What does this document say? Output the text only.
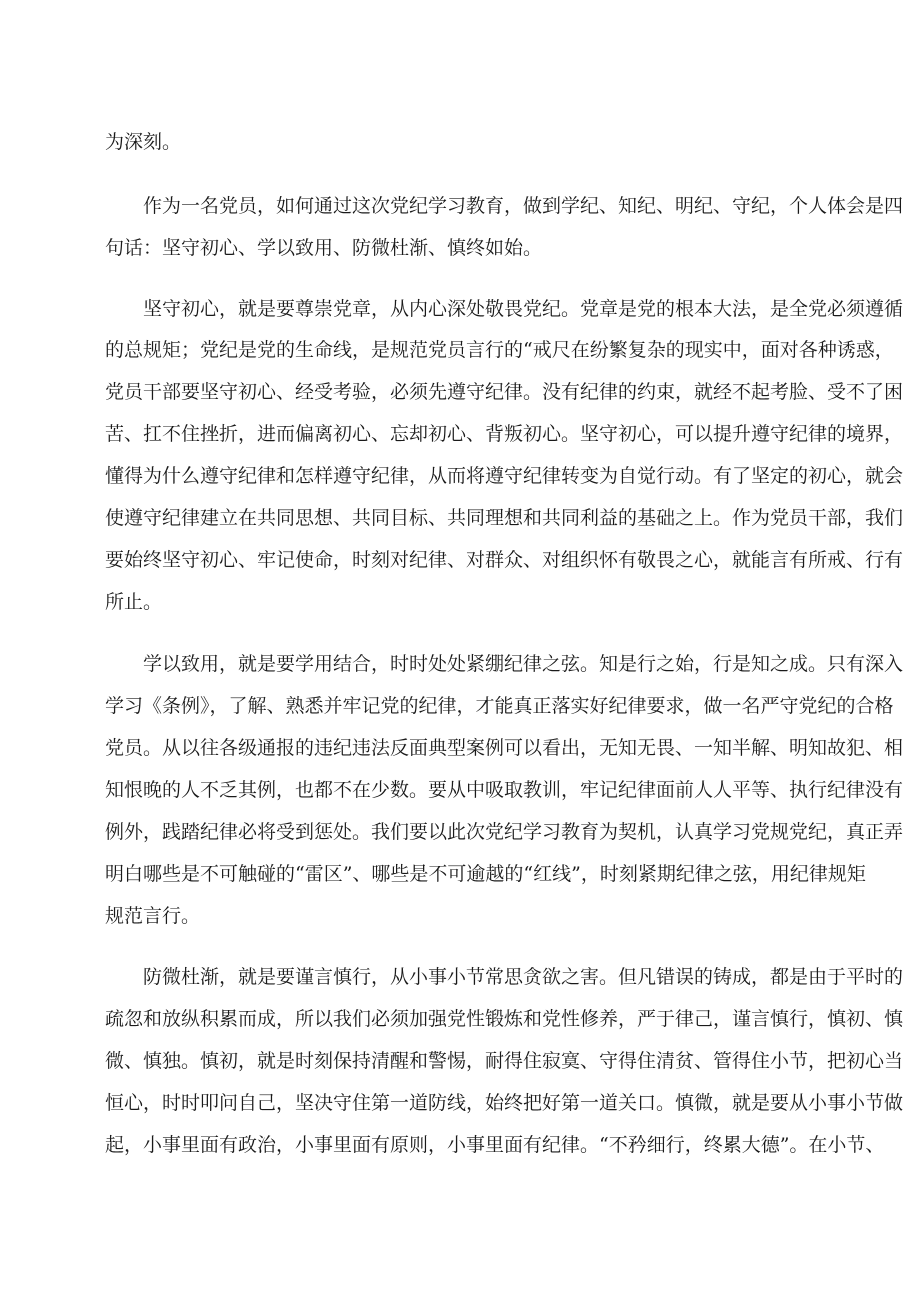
为深刻。
作为一名党员，如何通过这次党纪学习教育，做到学纪、知纪、明纪、守纪，个人体会是四
句话：坚守初心、学以致用、防微杜渐、慎终如始。
坚守初心，就是要尊崇党章，从内心深处敬畏党纪。党章是党的根本大法，是全党必须遵循
的总规矩；党纪是党的生命线，是规范党员言行的“戒尺在纷繁复杂的现实中，面对各种诱惑，
党员干部要坚守初心、经受考验，必须先遵守纪律。没有纪律的约束，就经不起考脸、受不了困
苦、扛不住挫折，进而偏离初心、忘却初心、背叛初心。坚守初心，可以提升遵守纪律的境界，
懂得为什么遵守纪律和怎样遵守纪律，从而将遵守纪律转变为自觉行动。有了坚定的初心，就会
使遵守纪律建立在共同思想、共同目标、共同理想和共同利益的基础之上。作为党员干部，我们
要始终坚守初心、牢记使命，时刻对纪律、对群众、对组织怀有敬畏之心，就能言有所戒、行有
所止。
学以致用，就是要学用结合，时时处处紧绷纪律之弦。知是行之始，行是知之成。只有深入
学习《条例》，了解、熟悉并牢记党的纪律，才能真正落实好纪律要求，做一名严守党纪的合格
党员。从以往各级通报的违纪违法反面典型案例可以看出，无知无畏、一知半解、明知故犯、相
知恨晚的人不乏其例，也都不在少数。要从中吸取教训，牢记纪律面前人人平等、执行纪律没有
例外，践踏纪律必将受到惩处。我们要以此次党纪学习教育为契机，认真学习党规党纪，真正弄
明白哪些是不可触碰的“雷区”、哪些是不可逾越的“红线”，时刻紧期纪律之弦，用纪律规矩
规范言行。
防微杜渐，就是要谨言慎行，从小事小节常思贪欲之害。但凡错误的铸成，都是由于平时的
疏忽和放纵积累而成，所以我们必须加强党性锻炼和党性修养，严于律己，谨言慎行，慎初、慎
微、慎独。慎初，就是时刻保持清醒和警惕，耐得住寂寞、守得住清贫、管得住小节，把初心当
恒心，时时叩问自己，坚决守住第一道防线，始终把好第一道关口。慎微，就是要从小事小节做
起，小事里面有政治，小事里面有原则，小事里面有纪律。“不矜细行，终累大德”。在小节、
